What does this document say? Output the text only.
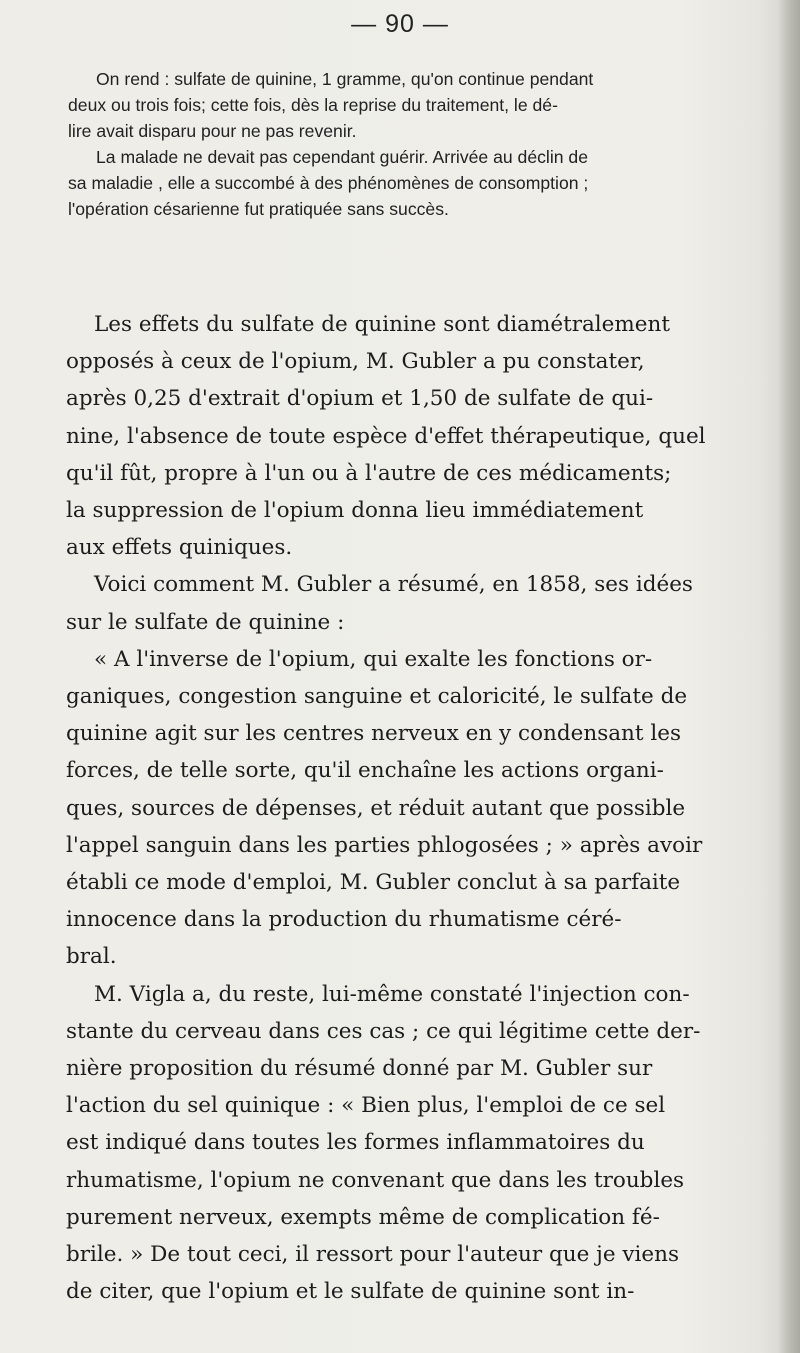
— 90 —
On rend : sulfate de quinine, 1 gramme, qu'on continue pendant
deux ou trois fois; cette fois, dès la reprise du traitement, le dé-
lire avait disparu pour ne pas revenir.
La malade ne devait pas cependant guérir. Arrivée au déclin de
sa maladie , elle a succombé à des phénomènes de consomption ;
l'opération césarienne fut pratiquée sans succès.
Les effets du sulfate de quinine sont diamétralement
opposés à ceux de l'opium, M. Gubler a pu constater,
après 0,25 d'extrait d'opium et 1,50 de sulfate de qui-
nine, l'absence de toute espèce d'effet thérapeutique, quel
qu'il fût, propre à l'un ou à l'autre de ces médicaments;
la suppression de l'opium donna lieu immédiatement
aux effets quiniques.
Voici comment M. Gubler a résumé, en 1858, ses idées
sur le sulfate de quinine :
« A l'inverse de l'opium, qui exalte les fonctions or-
ganiques, congestion sanguine et caloricité, le sulfate de
quinine agit sur les centres nerveux en y condensant les
forces, de telle sorte, qu'il enchaîne les actions organi-
ques, sources de dépenses, et réduit autant que possible
l'appel sanguin dans les parties phlogosées ; » après avoir
établi ce mode d'emploi, M. Gubler conclut à sa parfaite
innocence dans la production du rhumatisme céré-
bral.
M. Vigla a, du reste, lui-même constaté l'injection con-
stante du cerveau dans ces cas ; ce qui légitime cette der-
nière proposition du résumé donné par M. Gubler sur
l'action du sel quinique : « Bien plus, l'emploi de ce sel
est indiqué dans toutes les formes inflammatoires du
rhumatisme, l'opium ne convenant que dans les troubles
purement nerveux, exempts même de complication fé-
brile. » De tout ceci, il ressort pour l'auteur que je viens
de citer, que l'opium et le sulfate de quinine sont in-
